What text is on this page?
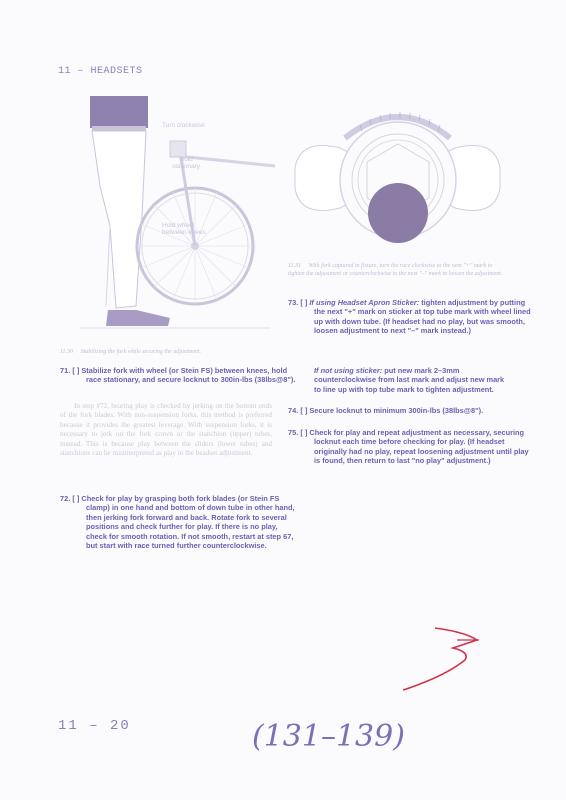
11 – HEADSETS
Turn clockwise
Hold
stationary
Hold wheel
between knees
11.30 Stabilizing the fork while securing the adjustment.
11.31 With fork captured in fixture, turn the race clockwise to the next "+" mark to tighten the adjustment or counterclockwise to the next "–" mark to loosen the adjustment.
71. [ ] Stabilize fork with wheel (or Stein FS) between knees, hold race stationary, and secure locknut to 300in-lbs (38lbs@8").
In step #72, bearing play is checked by jerking on the bottom ends of the fork blades. With non-suspension forks, this method is preferred because it provides the greatest leverage. With suspension forks, it is necessary to jerk on the fork crown or the stanchion (upper) tubes, instead. This is because play between the sliders (lower tubes) and stanchions can be misinterpreted as play in the headset adjustment.
72. [ ] Check for play by grasping both fork blades (or Stein FS clamp) in one hand and bottom of down tube in other hand, then jerking fork forward and back. Rotate fork to several positions and check further for play. If there is no play, check for smooth rotation. If not smooth, restart at step 67, but start with race turned further counterclockwise.
73. [ ] If using Headset Apron Sticker: tighten adjustment by putting the next "+" mark on sticker at top tube mark with wheel lined up with down tube. (If headset had no play, but was smooth, loosen adjustment to next "–" mark instead.)
If not using sticker: put new mark 2–3mm counterclockwise from last mark and adjust new mark to line up with top tube mark to tighten adjustment.
74. [ ] Secure locknut to minimum 300in-lbs (38lbs@8").
75. [ ] Check for play and repeat adjustment as necessary, securing locknut each time before checking for play. (If headset originally had no play, repeat loosening adjustment until play is found, then return to last "no play" adjustment.)
(131–139)
11 – 20
